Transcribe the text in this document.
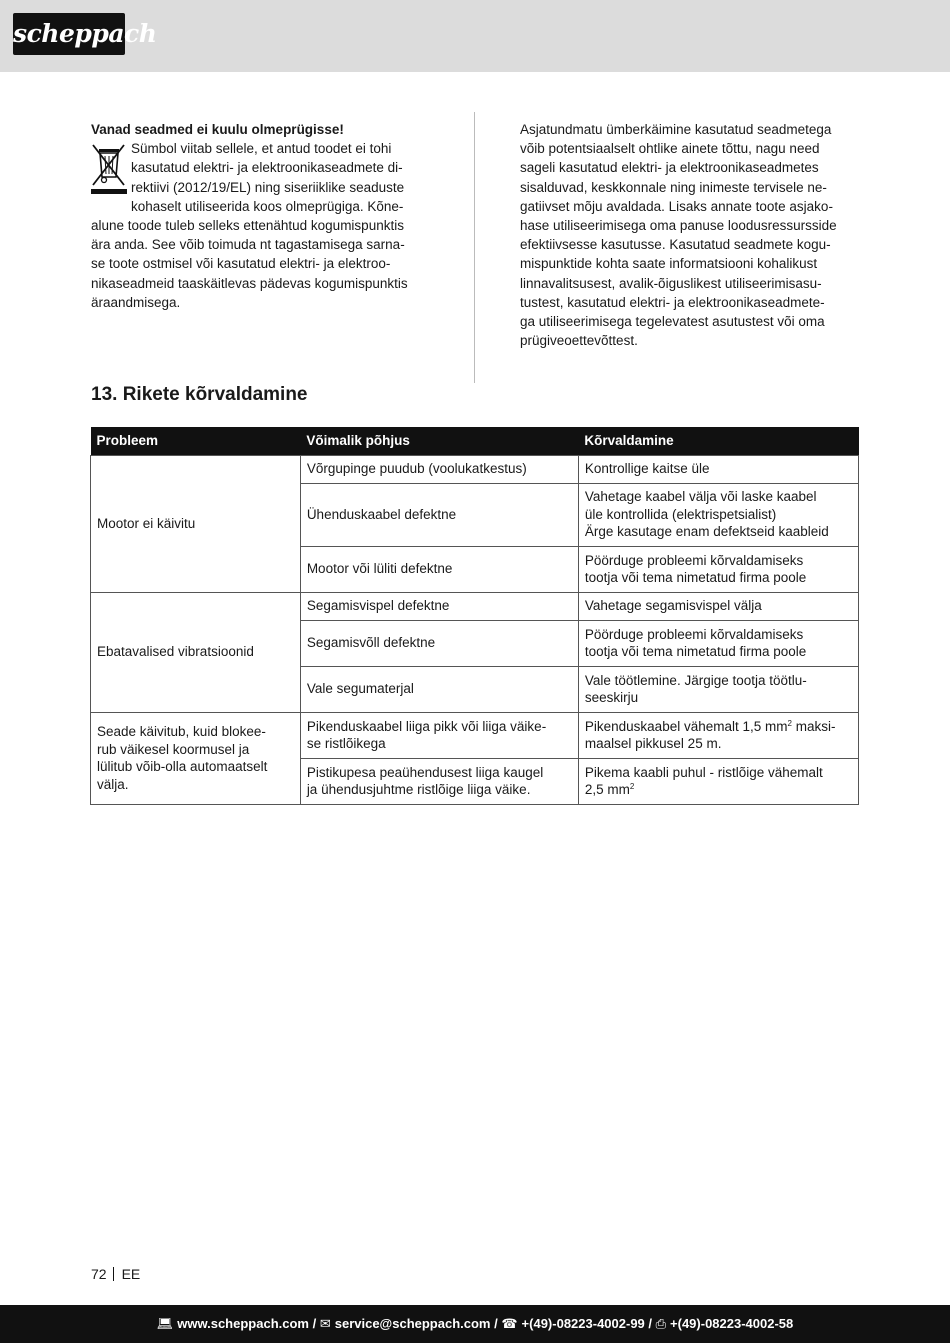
scheppach

Vanad seadmed ei kuulu olmeprügisse!

Sümbol viitab sellele, et antud toodet ei tohi
kasutatud elektri- ja elektroonikaseadmete di-
rektiivi (2012/19/EL) ning siseriiklike seaduste
kohaselt utiliseerida koos olmeprügiga. Kõne-
alune toode tuleb selleks ettenähtud kogumispunktis
ära anda. See võib toimuda nt tagastamisega sarna-
se toote ostmisel või kasutatud elektri- ja elektroo-
nikaseadmeid taaskäitlevas pädevas kogumispunktis
äraandmisega.

Asjatundmatu ümberkäimine kasutatud seadmetega
võib potentsiaalselt ohtlike ainete tõttu, nagu need
sageli kasutatud elektri- ja elektroonikaseadmetes
sisalduvad, keskkonnale ning inimeste tervisele ne-
gatiivset mõju avaldada. Lisaks annate toote asjako-
hase utiliseerimisega oma panuse loodusressursside
efektiivsesse kasutusse. Kasutatud seadmete kogu-
mispunktide kohta saate informatsiooni kohalikust
linnavalitsusest, avalik-õiguslikest utiliseerimisasu-
tustest, kasutatud elektri- ja elektroonikaseadmete-
ga utiliseerimisega tegelevatest asutustest või oma
prügiveoettevõttest.
13. Rikete kõrvaldamine
Probleem	Võimalik põhjus	Kõrvaldamine
Mootor ei käivitu	Võrgupinge puudub (voolukatkestus)	Kontrollige kaitse üle
	Ühenduskaabel defektne	Vahetage kaabel välja või laske kaabel
üle kontrollida (elektrispetsialist)
Ärge kasutage enam defektseid kaableid

	Mootor või lüliti defektne	Pöörduge probleemi kõrvaldamiseks
tootja või tema nimetatud firma poole

Ebatavalised vibratsioonid	Segamisvispel defektne	Vahetage segamisvispel välja
	Segamisvõll defektne	Pöörduge probleemi kõrvaldamiseks
tootja või tema nimetatud firma poole

	Vale segumaterjal	Vale töötlemine. Järgige tootja töötlu-
seeskirju

Seade käivitub, kuid blokee-
rub väikesel koormusel ja
lülitub võib-olla automaatselt
välja.	Pikenduskaabel liiga pikk või liiga väike-
se ristlõikega	Pikenduskaabel vähemalt 1,5 $mm^2$ maksi-
maalsel pikkusel 25 m.

	Pistikupesa peaühendusest liiga kaugel
ja ühendusjuhtme ristlõige liiga väike.	Pikema kaabli puhul - ristlõige vähemalt
2,5 $mm^2$
72 EE
💻︎ www.scheppach.com / ✉︎ service@scheppach.com / ☎︎ +(49)-08223-4002-99 / ⎙ +(49)-08223-4002-58
